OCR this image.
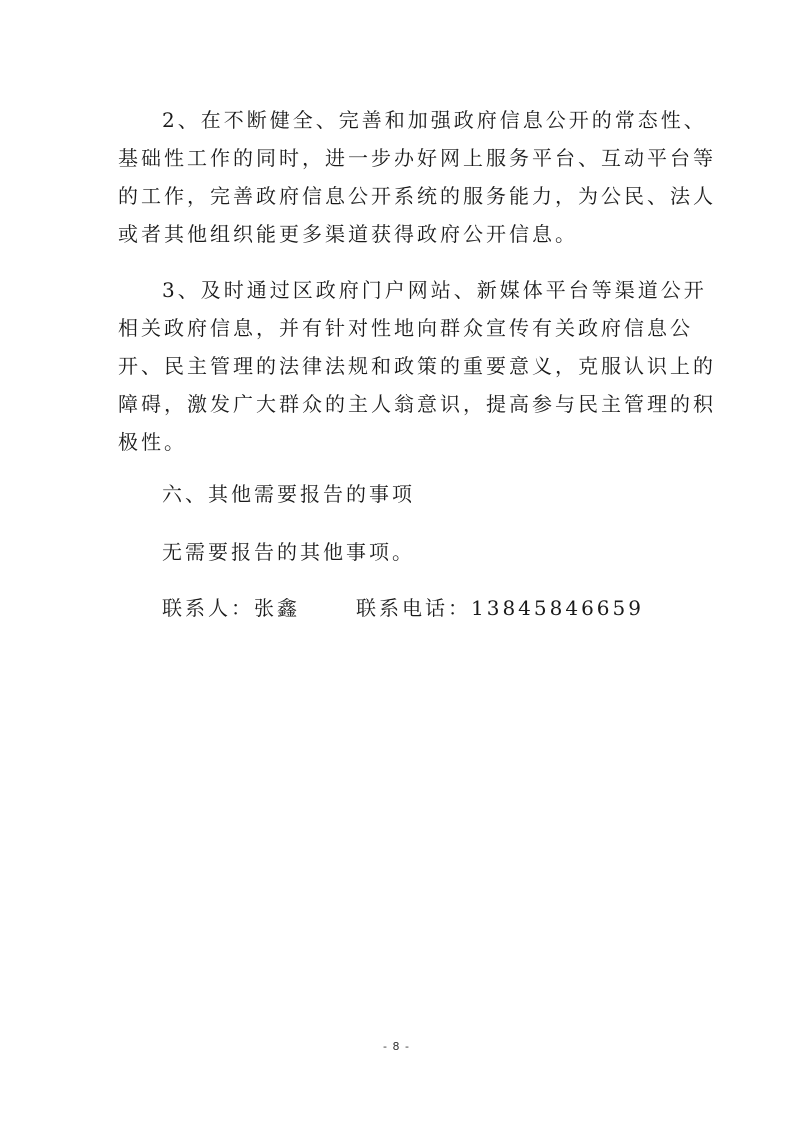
2、在不断健全、完善和加强政府信息公开的常态性、
基础性工作的同时，进一步办好网上服务平台、互动平台等
的工作，完善政府信息公开系统的服务能力，为公民、法人
或者其他组织能更多渠道获得政府公开信息。

3、及时通过区政府门户网站、新媒体平台等渠道公开
相关政府信息，并有针对性地向群众宣传有关政府信息公
开、民主管理的法律法规和政策的重要意义，克服认识上的
障碍，激发广大群众的主人翁意识，提高参与民主管理的积
极性。

六、其他需要报告的事项

无需要报告的其他事项。

联系人：张鑫	联系电话：13845846659

- 8 -
